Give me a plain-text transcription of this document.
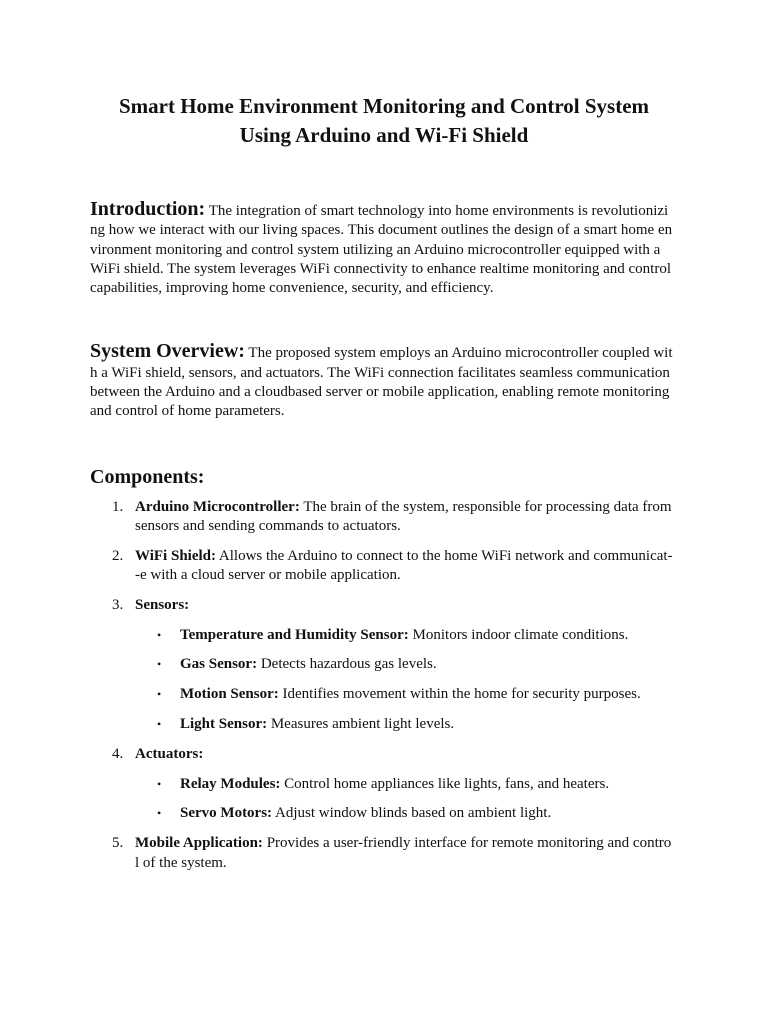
Smart Home Environment Monitoring and Control System
Using Arduino and Wi-Fi Shield

Introduction: The integration of smart technology into home environments is revolutionizi
ng how we interact with our living spaces. This document outlines the design of a smart home en
vironment monitoring and control system utilizing an Arduino microcontroller equipped with a
WiFi shield. The system leverages WiFi connectivity to enhance realtime monitoring and control
capabilities, improving home convenience, security, and efficiency.

System Overview: The proposed system employs an Arduino microcontroller coupled wit
h a WiFi shield, sensors, and actuators. The WiFi connection facilitates seamless communication
between the Arduino and a cloudbased server or mobile application, enabling remote monitoring
and control of home parameters.

Components:
1. Arduino Microcontroller: The brain of the system, responsible for processing data from
sensors and sending commands to actuators.
2. WiFi Shield: Allows the Arduino to connect to the home WiFi network and communicat-
-e with a cloud server or mobile application.
3. Sensors:
• Temperature and Humidity Sensor: Monitors indoor climate conditions.
• Gas Sensor: Detects hazardous gas levels.
• Motion Sensor: Identifies movement within the home for security purposes.
• Light Sensor: Measures ambient light levels.
4. Actuators:
• Relay Modules: Control home appliances like lights, fans, and heaters.
• Servo Motors: Adjust window blinds based on ambient light.
5. Mobile Application: Provides a user-friendly interface for remote monitoring and contro
l of the system.
